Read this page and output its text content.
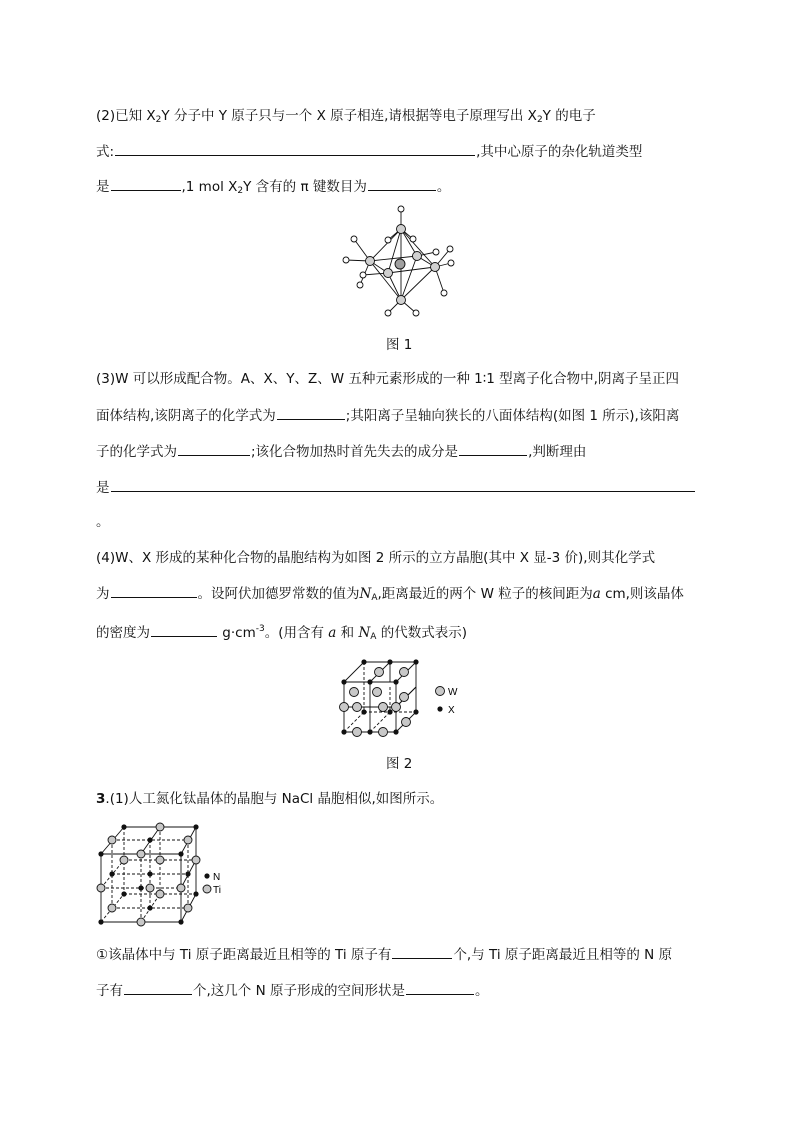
(2)已知 $X_2Y$ 分子中 Y 原子只与一个 X 原子相连,请根据等电子原理写出 $X_2Y$ 的电子
式:	,其中心原子的杂化轨道类型
是	,1 mol $X_2Y$ 含有的 π 键数目为	。
图 1
(3)W 可以形成配合物。A、X、Y、Z、W 五种元素形成的一种 1∶1 型离子化合物中,阴离子呈正四
面体结构,该阴离子的化学式为	;其阳离子呈轴向狭长的八面体结构(如图 1 所示),该阳离
子的化学式为	;该化合物加热时首先失去的成分是	,判断理由
是
。
(4)W、X 形成的某种化合物的晶胞结构为如图 2 所示的立方晶胞(其中 X 显-3 价),则其化学式
为	。设阿伏加德罗常数的值为$N_A$,距离最近的两个 W 粒子的核间距为a cm,则该晶体
的密度为	$g\cdot cm^{-3}$。(用含有 a 和 $N_A$ 的代数式表示)
W
X
图 2
3.(1)人工氮化钛晶体的晶胞与 NaCl 晶胞相似,如图所示。
N
Ti
①该晶体中与 Ti 原子距离最近且相等的 Ti 原子有	个,与 Ti 原子距离最近且相等的 N 原
子有	个,这几个 N 原子形成的空间形状是	。
